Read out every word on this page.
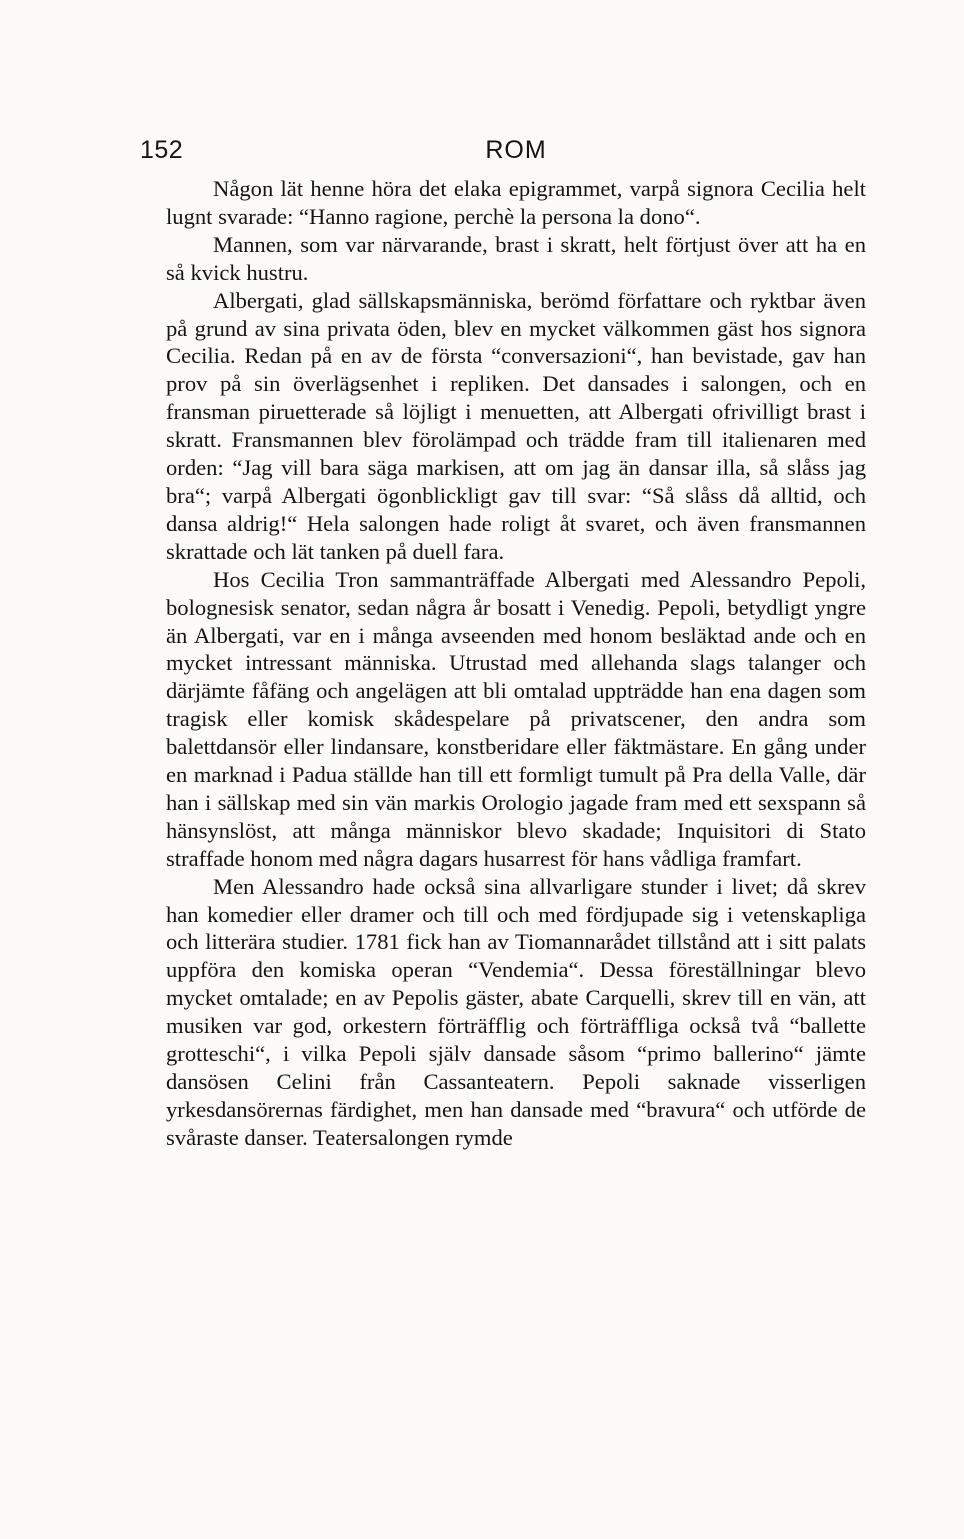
152	ROM

Någon lät henne höra det elaka epigrammet, varpå signora Cecilia helt lugnt svarade: “Hanno ragione, perchè la persona la dono“.

Mannen, som var närvarande, brast i skratt, helt förtjust över att ha en så kvick hustru.

Albergati, glad sällskapsmänniska, berömd författare och ryktbar även på grund av sina privata öden, blev en mycket välkommen gäst hos signora Cecilia. Redan på en av de första “conversazioni“, han bevistade, gav han prov på sin överlägsenhet i repliken. Det dansades i salongen, och en fransman piruetterade så löjligt i menuetten, att Albergati ofrivilligt brast i skratt. Fransmannen blev förolämpad och trädde fram till italienaren med orden: “Jag vill bara säga markisen, att om jag än dansar illa, så slåss jag bra“; varpå Albergati ögonblickligt gav till svar: “Så slåss då alltid, och dansa aldrig!“ Hela salongen hade roligt åt svaret, och även fransmannen skrattade och lät tanken på duell fara.

Hos Cecilia Tron sammanträffade Albergati med Alessandro Pepoli, bolognesisk senator, sedan några år bosatt i Venedig. Pepoli, betydligt yngre än Albergati, var en i många avseenden med honom besläktad ande och en mycket intressant människa. Utrustad med allehanda slags talanger och därjämte fåfäng och angelägen att bli omtalad uppträdde han ena dagen som tragisk eller komisk skådespelare på privatscener, den andra som balettdansör eller lindansare, konstberidare eller fäktmästare. En gång under en marknad i Padua ställde han till ett formligt tumult på Pra della Valle, där han i sällskap med sin vän markis Orologio jagade fram med ett sexspann så hänsynslöst, att många människor blevo skadade; Inquisitori di Stato straffade honom med några dagars husarrest för hans vådliga framfart.

Men Alessandro hade också sina allvarligare stunder i livet; då skrev han komedier eller dramer och till och med fördjupade sig i vetenskapliga och litterära studier. 1781 fick han av Tiomannarådet tillstånd att i sitt palats uppföra den komiska operan “Vendemia“. Dessa föreställningar blevo mycket omtalade; en av Pepolis gäster, abate Carquelli, skrev till en vän, att musiken var god, orkestern förträfflig och förträffliga också två “ballette grotteschi“, i vilka Pepoli själv dansade såsom “primo ballerino“ jämte dansösen Celini från Cassanteatern. Pepoli saknade visserligen yrkesdansörernas färdighet, men han dansade med “bravura“ och utförde de svåraste danser. Teatersalongen rymde
